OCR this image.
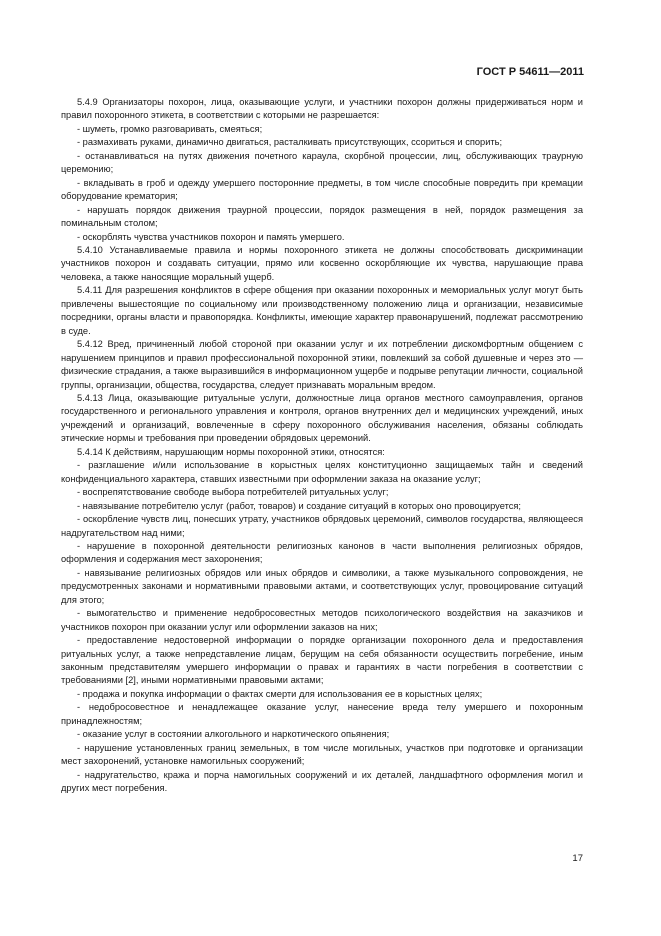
ГОСТ Р 54611—2011

5.4.9 Организаторы похорон, лица, оказывающие услуги, и участники похорон должны придерживаться норм и правил похоронного этикета, в соответствии с которыми не разрешается:

- шуметь, громко разговаривать, смеяться;

- размахивать руками, динамично двигаться, расталкивать присутствующих, ссориться и спорить;

- останавливаться на путях движения почетного караула, скорбной процессии, лиц, обслуживающих траурную церемонию;

- вкладывать в гроб и одежду умершего посторонние предметы, в том числе способные повредить при кремации оборудование крематория;

- нарушать порядок движения траурной процессии, порядок размещения в ней, порядок размещения за поминальным столом;

- оскорблять чувства участников похорон и память умершего.

5.4.10 Устанавливаемые правила и нормы похоронного этикета не должны способствовать дискриминации участников похорон и создавать ситуации, прямо или косвенно оскорбляющие их чувства, нарушающие права человека, а также наносящие моральный ущерб.

5.4.11 Для разрешения конфликтов в сфере общения при оказании похоронных и мемориальных услуг могут быть привлечены вышестоящие по социальному или производственному положению лица и организации, независимые посредники, органы власти и правопорядка. Конфликты, имеющие характер правонарушений, подлежат рассмотрению в суде.

5.4.12 Вред, причиненный любой стороной при оказании услуг и их потреблении дискомфортным общением с нарушением принципов и правил профессиональной похоронной этики, повлекший за собой душевные и через это — физические страдания, а также выразившийся в информационном ущербе и подрыве репутации личности, социальной группы, организации, общества, государства, следует признавать моральным вредом.

5.4.13 Лица, оказывающие ритуальные услуги, должностные лица органов местного самоуправления, органов государственного и регионального управления и контроля, органов внутренних дел и медицинских учреждений, иных учреждений и организаций, вовлеченные в сферу похоронного обслуживания населения, обязаны соблюдать этические нормы и требования при проведении обрядовых церемоний.

5.4.14 К действиям, нарушающим нормы похоронной этики, относятся:

- разглашение и/или использование в корыстных целях конституционно защищаемых тайн и сведений конфиденциального характера, ставших известными при оформлении заказа на оказание услуг;

- воспрепятствование свободе выбора потребителей ритуальных услуг;

- навязывание потребителю услуг (работ, товаров) и создание ситуаций в которых оно провоцируется;

- оскорбление чувств лиц, понесших утрату, участников обрядовых церемоний, символов государства, являющееся надругательством над ними;

- нарушение в похоронной деятельности религиозных канонов в части выполнения религиозных обрядов, оформления и содержания мест захоронения;

- навязывание религиозных обрядов или иных обрядов и символики, а также музыкального сопровождения, не предусмотренных законами и нормативными правовыми актами, и соответствующих услуг, провоцирование ситуаций для этого;

- вымогательство и применение недобросовестных методов психологического воздействия на заказчиков и участников похорон при оказании услуг или оформлении заказов на них;

- предоставление недостоверной информации о порядке организации похоронного дела и предоставления ритуальных услуг, а также непредставление лицам, берущим на себя обязанности осуществить погребение, иным законным представителям умершего информации о правах и гарантиях в части погребения в соответствии с требованиями [2], иными нормативными правовыми актами;

- продажа и покупка информации о фактах смерти для использования ее в корыстных целях;

- недобросовестное и ненадлежащее оказание услуг, нанесение вреда телу умершего и похоронным принадлежностям;

- оказание услуг в состоянии алкогольного и наркотического опьянения;

- нарушение установленных границ земельных, в том числе могильных, участков при подготовке и организации мест захоронений, установке намогильных сооружений;

- надругательство, кража и порча намогильных сооружений и их деталей, ландшафтного оформления могил и других мест погребения.

17
